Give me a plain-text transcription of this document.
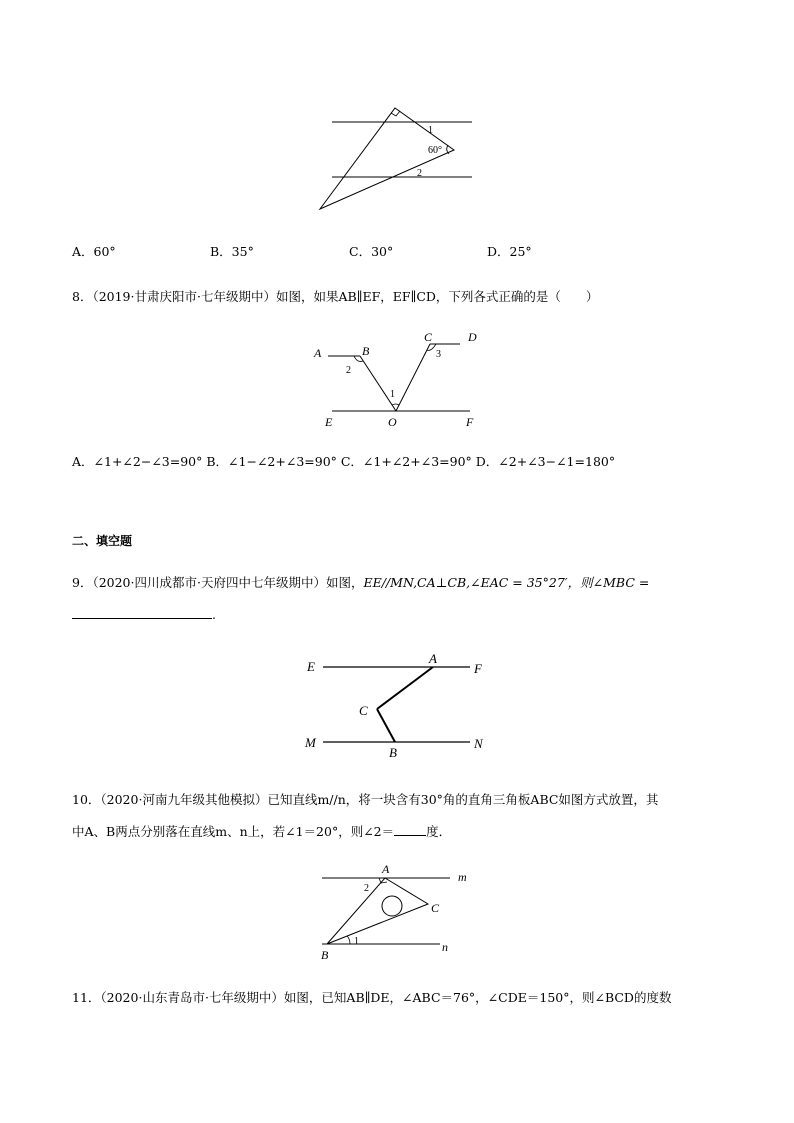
1
60°
2
A．60°	B．35°	C．30°	D．25°
8．（2019·甘肃庆阳市·七年级期中）如图，如果AB∥EF，EF∥CD，下列各式正确的是（　　）
A	B
C	D
E	O	F
1
2
3
A．∠1+∠2−∠3=90° B．∠1−∠2+∠3=90° C．∠1+∠2+∠3=90° D．∠2+∠3−∠1=180°
二、填空题
9．（2020·四川成都市·天府四中七年级期中）如图，EE//MN,CA⊥CB,∠EAC = 35°27′，则∠MBC =
.
E
A
F
C
M
B
N
10．（2020·河南九年级其他模拟）已知直线m//n，将一块含有30°角的直角三角板ABC如图方式放置，其
中A、B两点分别落在直线m、n上，若∠1＝20°，则∠2＝	度．
A
m
2
C
1	n
B
11．（2020·山东青岛市·七年级期中）如图，已知AB∥DE，∠ABC＝76°，∠CDE＝150°，则∠BCD的度数
